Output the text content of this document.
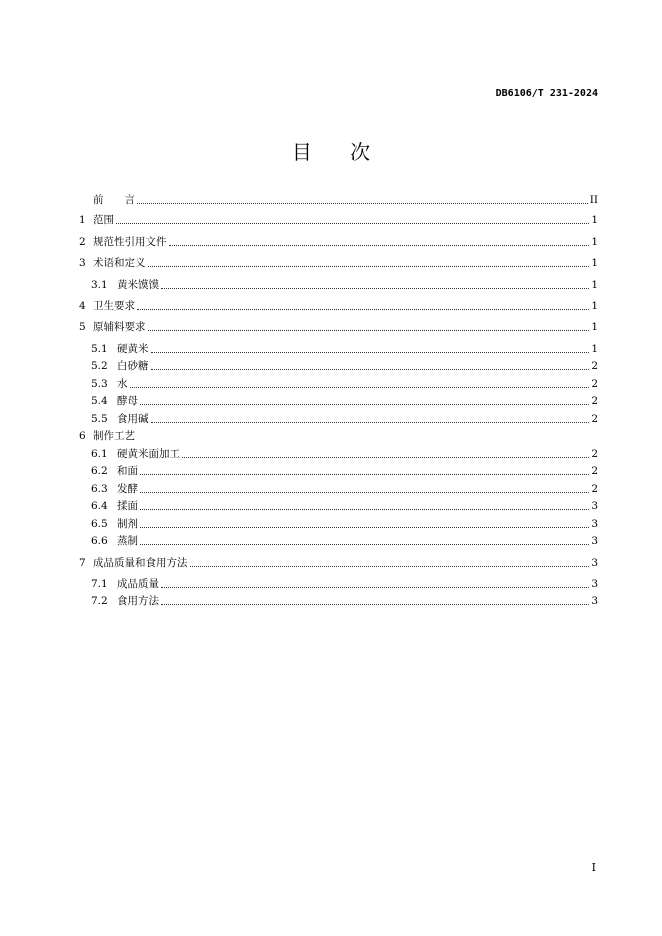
DB6106/T 231-2024
目 次
前　　言	II
1 范围	1
2 规范性引用文件	1
3 术语和定义	1
3.1 黄米馍馍	1
4 卫生要求	1
5 原辅料要求	1
5.1 硬黄米	1
5.2 白砂糖	2
5.3 水	2
5.4 酵母	2
5.5 食用碱	2
6 制作工艺
6.1 硬黄米面加工	2
6.2 和面	2
6.3 发酵	2
6.4 揉面	3
6.5 制剂	3
6.6 蒸制	3
7 成品质量和食用方法	3
7.1 成品质量	3
7.2 食用方法	3
I
